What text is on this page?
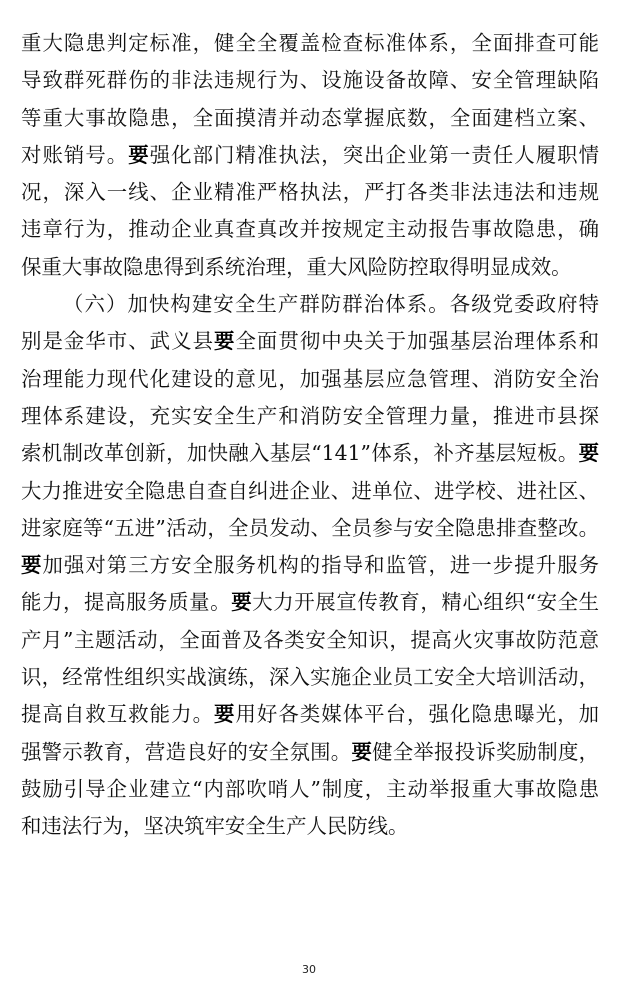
重大隐患判定标准，健全全覆盖检查标准体系，全面排查可能
导致群死群伤的非法违规行为、设施设备故障、安全管理缺陷
等重大事故隐患，全面摸清并动态掌握底数，全面建档立案、
对账销号。要强化部门精准执法，突出企业第一责任人履职情
况，深入一线、企业精准严格执法，严打各类非法违法和违规
违章行为，推动企业真查真改并按规定主动报告事故隐患，确
保重大事故隐患得到系统治理，重大风险防控取得明显成效。
（六）加快构建安全生产群防群治体系。各级党委政府特
别是金华市、武义县要全面贯彻中央关于加强基层治理体系和
治理能力现代化建设的意见，加强基层应急管理、消防安全治
理体系建设，充实安全生产和消防安全管理力量，推进市县探
索机制改革创新，加快融入基层“141”体系，补齐基层短板。要
大力推进安全隐患自查自纠进企业、进单位、进学校、进社区、
进家庭等“五进”活动，全员发动、全员参与安全隐患排查整改。
要加强对第三方安全服务机构的指导和监管，进一步提升服务
能力，提高服务质量。要大力开展宣传教育，精心组织“安全生
产月”主题活动，全面普及各类安全知识，提高火灾事故防范意
识，经常性组织实战演练，深入实施企业员工安全大培训活动，
提高自救互救能力。要用好各类媒体平台，强化隐患曝光，加
强警示教育，营造良好的安全氛围。要健全举报投诉奖励制度，
鼓励引导企业建立“内部吹哨人”制度，主动举报重大事故隐患
和违法行为，坚决筑牢安全生产人民防线。
30
